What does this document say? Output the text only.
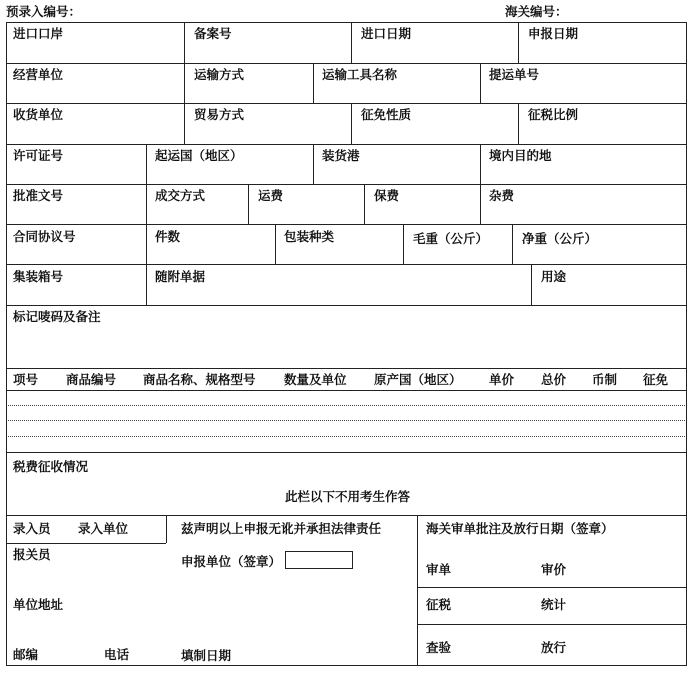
预录入编号：	海关编号：
进口口岸	备案号	进口日期	申报日期
经营单位	运输方式	运输工具名称	提运单号
收货单位	贸易方式	征免性质	征税比例
许可证号	起运国（地区）	装货港	境内目的地
批准文号	成交方式	运费	保费	杂费
合同协议号	件数	包装种类	毛重（公斤）	净重（公斤）
集装箱号	随附单据	用途
标记唛码及备注
项号 商品编号 商品名称、规格型号 数量及单位 原产国（地区） 单价 总价 币制 征免
税费征收情况
此栏以下不用考生作答
录入员 录入单位	兹声明以上申报无讹并承担法律责任	海关审单批注及放行日期（签章）
报关员	申报单位（签章）
审单	审价
单位地址	征税	统计
邮编	电话	填制日期
查验	放行
